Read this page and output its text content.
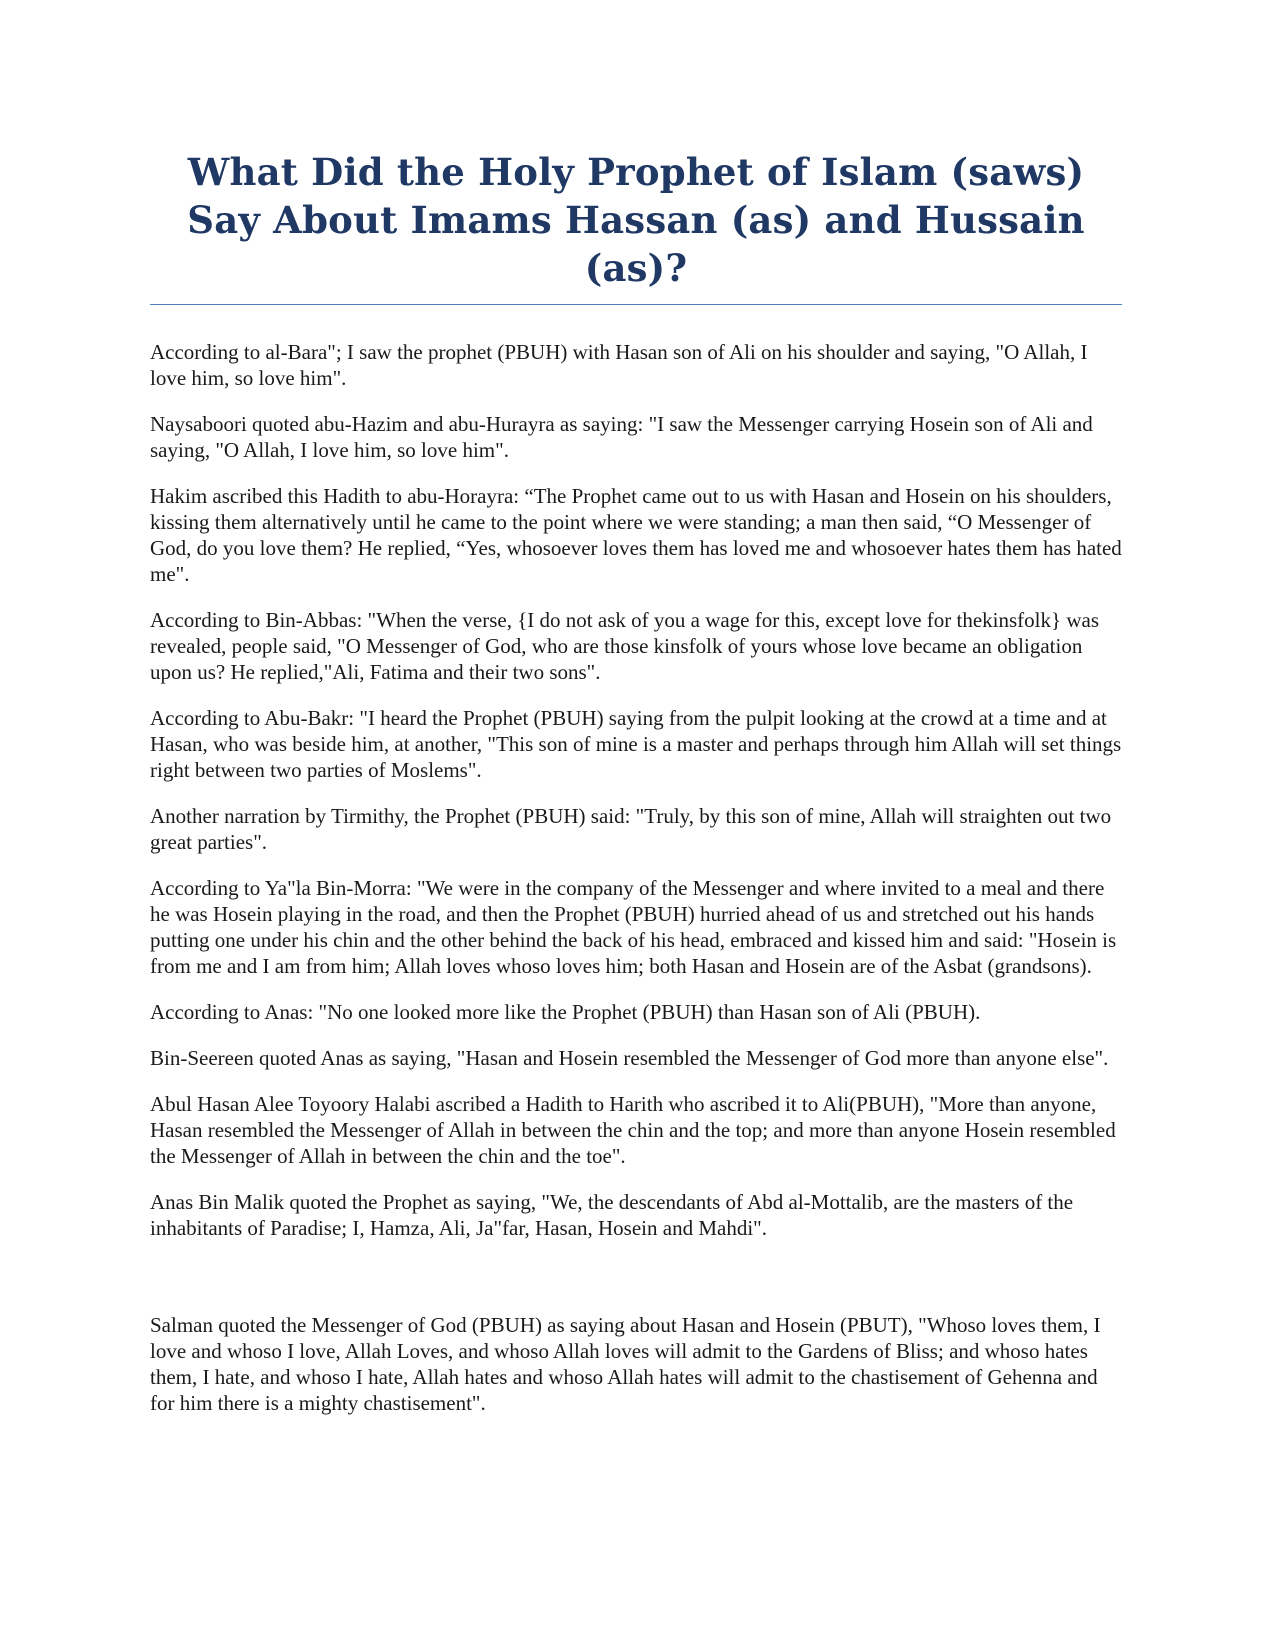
What Did the Holy Prophet of Islam (saws) Say About Imams Hassan (as) and Hussain (as)?

According to al-Bara"; I saw the prophet (PBUH) with Hasan son of Ali on his shoulder and saying, "O Allah, I love him, so love him".

Naysaboori quoted abu-Hazim and abu-Hurayra as saying: "I saw the Messenger carrying Hosein son of Ali and saying, "O Allah, I love him, so love him".

Hakim ascribed this Hadith to abu-Horayra: “The Prophet came out to us with Hasan and Hosein on his shoulders, kissing them alternatively until he came to the point where we were standing; a man then said, “O Messenger of God, do you love them? He replied, “Yes, whosoever loves them has loved me and whosoever hates them has hated me".

According to Bin-Abbas: "When the verse, {I do not ask of you a wage for this, except love for thekinsfolk} was revealed, people said, "O Messenger of God, who are those kinsfolk of yours whose love became an obligation upon us? He replied,"Ali, Fatima and their two sons".

According to Abu-Bakr: "I heard the Prophet (PBUH) saying from the pulpit looking at the crowd at a time and at Hasan, who was beside him, at another, "This son of mine is a master and perhaps through him Allah will set things right between two parties of Moslems".

Another narration by Tirmithy, the Prophet (PBUH) said: "Truly, by this son of mine, Allah will straighten out two great parties".

According to Ya"la Bin-Morra: "We were in the company of the Messenger and where invited to a meal and there he was Hosein playing in the road, and then the Prophet (PBUH) hurried ahead of us and stretched out his hands putting one under his chin and the other behind the back of his head, embraced and kissed him and said: "Hosein is from me and I am from him; Allah loves whoso loves him; both Hasan and Hosein are of the Asbat (grandsons).

According to Anas: "No one looked more like the Prophet (PBUH) than Hasan son of Ali (PBUH).

Bin-Seereen quoted Anas as saying, "Hasan and Hosein resembled the Messenger of God more than anyone else".

Abul Hasan Alee Toyoory Halabi ascribed a Hadith to Harith who ascribed it to Ali(PBUH), "More than anyone, Hasan resembled the Messenger of Allah in between the chin and the top; and more than anyone Hosein resembled the Messenger of Allah in between the chin and the toe".

Anas Bin Malik quoted the Prophet as saying, "We, the descendants of Abd al-Mottalib, are the masters of the inhabitants of Paradise; I, Hamza, Ali, Ja"far, Hasan, Hosein and Mahdi".

Salman quoted the Messenger of God (PBUH) as saying about Hasan and Hosein (PBUT), "Whoso loves them, I love and whoso I love, Allah Loves, and whoso Allah loves will admit to the Gardens of Bliss; and whoso hates them, I hate, and whoso I hate, Allah hates and whoso Allah hates will admit to the chastisement of Gehenna and for him there is a mighty chastisement".
